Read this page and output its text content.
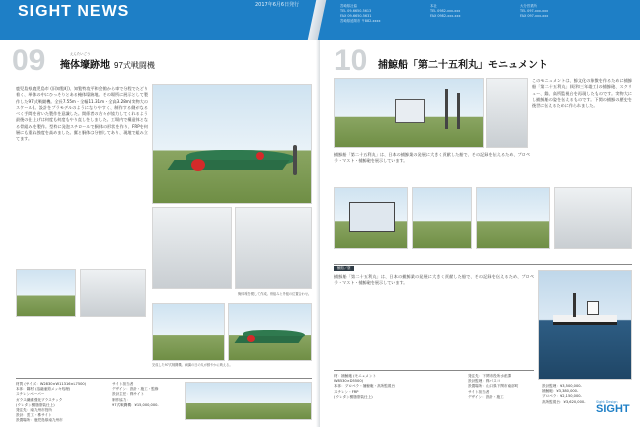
SIGHT NEWS	2017年6月6日発行	宮崎県社協
TEL 09-6650-5613
FAX 09-6650-5631
宮崎県延岡市 〒882-xxxx
本社
TEL 0982-xxx-xxx
FAX 0982-xxx-xxx
大分営業所
TEL 097-xxx-xxx
FAX 097-xxx-xxx
09	えんたいごう
掩体壕跡地 97式戦闘機
鹿児島県鹿児島市 (旧知覧町)、知覧特攻平和会館から車で分程でたどり着く、単体の中にひっそりとある掩体壕跡地。その場所に展示として製作した97式戦闘機。全長7.55m・全幅11.31m・全高3.28m(実物大のスケール)。設計をプラモデルのようになりやすく、制作する側がなるべく手間を省いた製作を意識した。関係者の方々が協力してくれるよう最後の仕上げは何度も何度もやり直しをしました。工場内で構造体となる骨組みを製作。型枠に発泡スチロールで胴体の形状を作り、FRPを何層にも重ね強度を高めました。翼と胴体は分割してあり、現地で組み立てます。
掩体壕を模して作成。骨組みと外板の位置合わせ。
完成した97式戦闘機。両翼の日の丸が鮮やかに映える。
材質 (サイズ：W2830×W11316×L7500)
本体：鋼材 (溶融亜鉛メッキ処理)
スチレンペーパー
ガラス繊維強化プラスチック
(ウレタン樹脂塗装仕上)
発注先：南九州市役所
設計：雲工・株サイト
設置場所：鹿児島県南九州市
サイト担当者
デザイン：設計・施工・監修
設計主任：株サイト
制作協力：
97式戦闘機：¥15,000,000-
10 捕鯨船「第二十五利丸」モニュメント
このモニュメントは、鯨文化の象徴を作るために捕鯨船「第二十五利丸」(昭和三年竣工)の捕鯨砲、スクリュー、錨、高所監視台を再現したものです。実物大にし捕鯨船の姿を伝えるものです。下関の捕鯨の歴史を後世に伝えるために作られました。
捕鯨船「第二十五利丸」は、日本の捕鯨業の発展に大きく貢献した船で、その記録を伝えるため、プロペラ・マスト・捕鯨砲を展示しています。
鯨船／塗
捕鯨船「第二十五利丸」は、日本の捕鯨業の発展に大きく貢献した船で、その記録を伝えるため、プロペラ・マスト・捕鯨砲を展示しています。
材：捕鯨砲 (モニュメント W8530×D5500)
本体：プロペラ・捕鯨砲・高所監視台
スチレン・FRP
(ウレタン樹脂塗装仕上)
発注先：下関市役所水産課
設計監理：株パスコ
設置場所：山口県下関市南部町
サイト担当者
デザイン：設計・施工
設計監理：¥3,500,000-
捕鯨砲：¥3,380,000-
プロペラ：¥2,150,000-
高所監視台：¥3,620,000-	Sight Design
SIGHT
